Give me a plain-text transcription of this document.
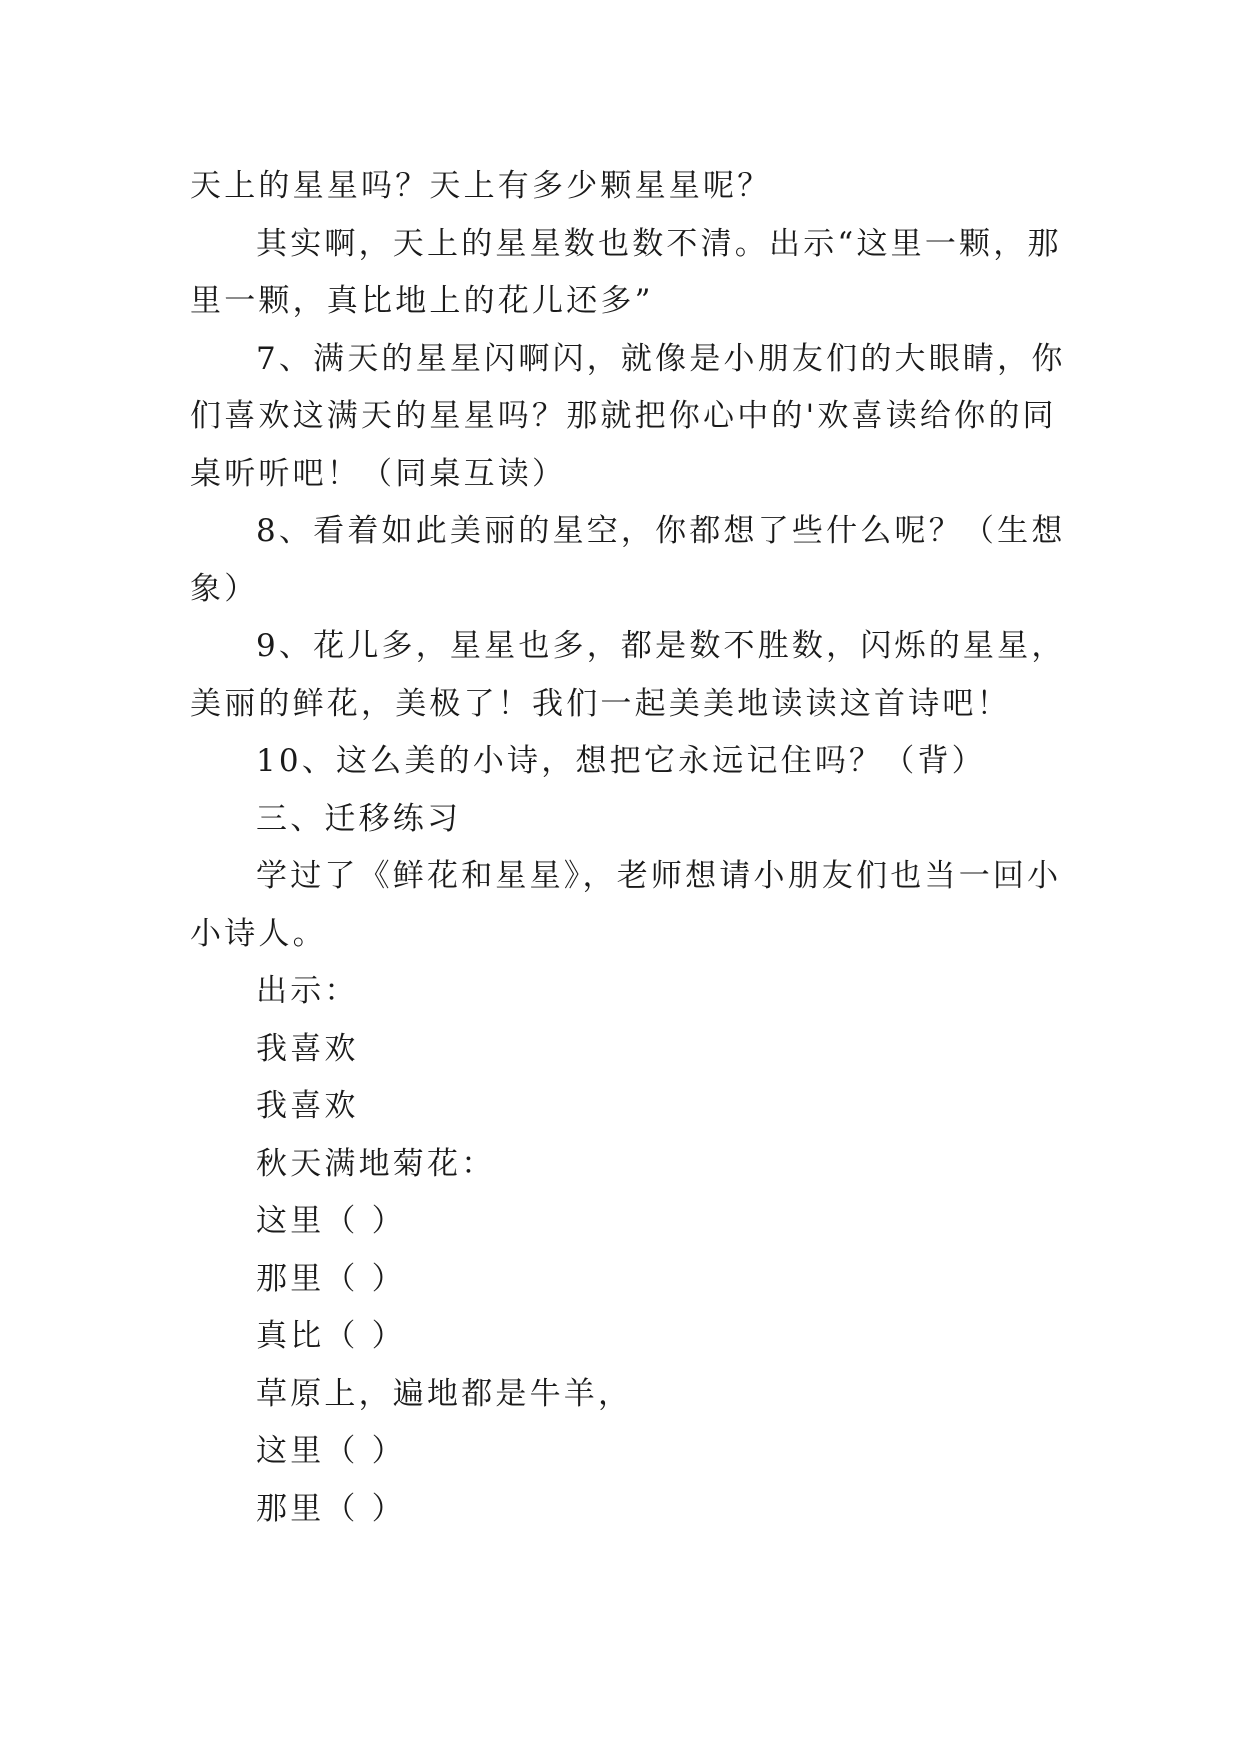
天上的星星吗？天上有多少颗星星呢？

其实啊，天上的星星数也数不清。出示“这里一颗，那

里一颗，真比地上的花儿还多”

7、满天的星星闪啊闪，就像是小朋友们的大眼睛，你

们喜欢这满天的星星吗？那就把你心中的'欢喜读给你的同

桌听听吧！（同桌互读）

8、看着如此美丽的星空，你都想了些什么呢？（生想

象）

9、花儿多，星星也多，都是数不胜数，闪烁的星星，

美丽的鲜花，美极了！我们一起美美地读读这首诗吧！

10、这么美的小诗，想把它永远记住吗？（背）

三、迁移练习

学过了《鲜花和星星》，老师想请小朋友们也当一回小

小诗人。

出示：

我喜欢

我喜欢

秋天满地菊花：

这里（ ）

那里（ ）

真比（ ）

草原上，遍地都是牛羊，

这里（ ）

那里（ ）
